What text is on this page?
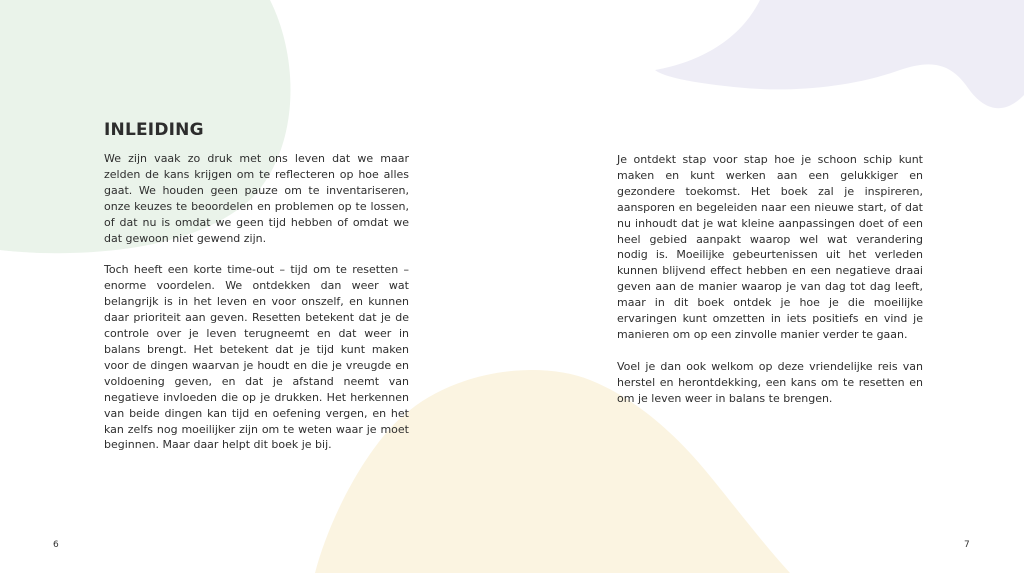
INLEIDING

We zijn vaak zo druk met ons leven dat we maar zelden de kans krijgen om te reflecteren op hoe alles gaat. We houden geen pauze om te inventariseren, onze keuzes te beoordelen en problemen op te lossen, of dat nu is omdat we geen tijd hebben of omdat we dat gewoon niet gewend zijn.

Toch heeft een korte time-out – tijd om te resetten – enorme voordelen. We ontdekken dan weer wat belangrijk is in het leven en voor onszelf, en kunnen daar prioriteit aan geven. Resetten betekent dat je de controle over je leven terugneemt en dat weer in balans brengt. Het betekent dat je tijd kunt maken voor de dingen waarvan je houdt en die je vreugde en voldoening geven, en dat je afstand neemt van negatieve invloeden die op je drukken. Het herkennen van beide dingen kan tijd en oefening vergen, en het kan zelfs nog moeilijker zijn om te weten waar je moet beginnen. Maar daar helpt dit boek je bij.

6

Je ontdekt stap voor stap hoe je schoon schip kunt maken en kunt werken aan een gelukkiger en gezondere toekomst. Het boek zal je inspireren, aansporen en begeleiden naar een nieuwe start, of dat nu inhoudt dat je wat kleine aanpassingen doet of een heel gebied aanpakt waarop wel wat verandering nodig is. Moeilijke gebeurtenissen uit het verleden kunnen blijvend effect hebben en een negatieve draai geven aan de manier waarop je van dag tot dag leeft, maar in dit boek ontdek je hoe je die moeilijke ervaringen kunt omzetten in iets positiefs en vind je manieren om op een zinvolle manier verder te gaan.

Voel je dan ook welkom op deze vriendelijke reis van herstel en herontdekking, een kans om te resetten en om je leven weer in balans te brengen.

7
